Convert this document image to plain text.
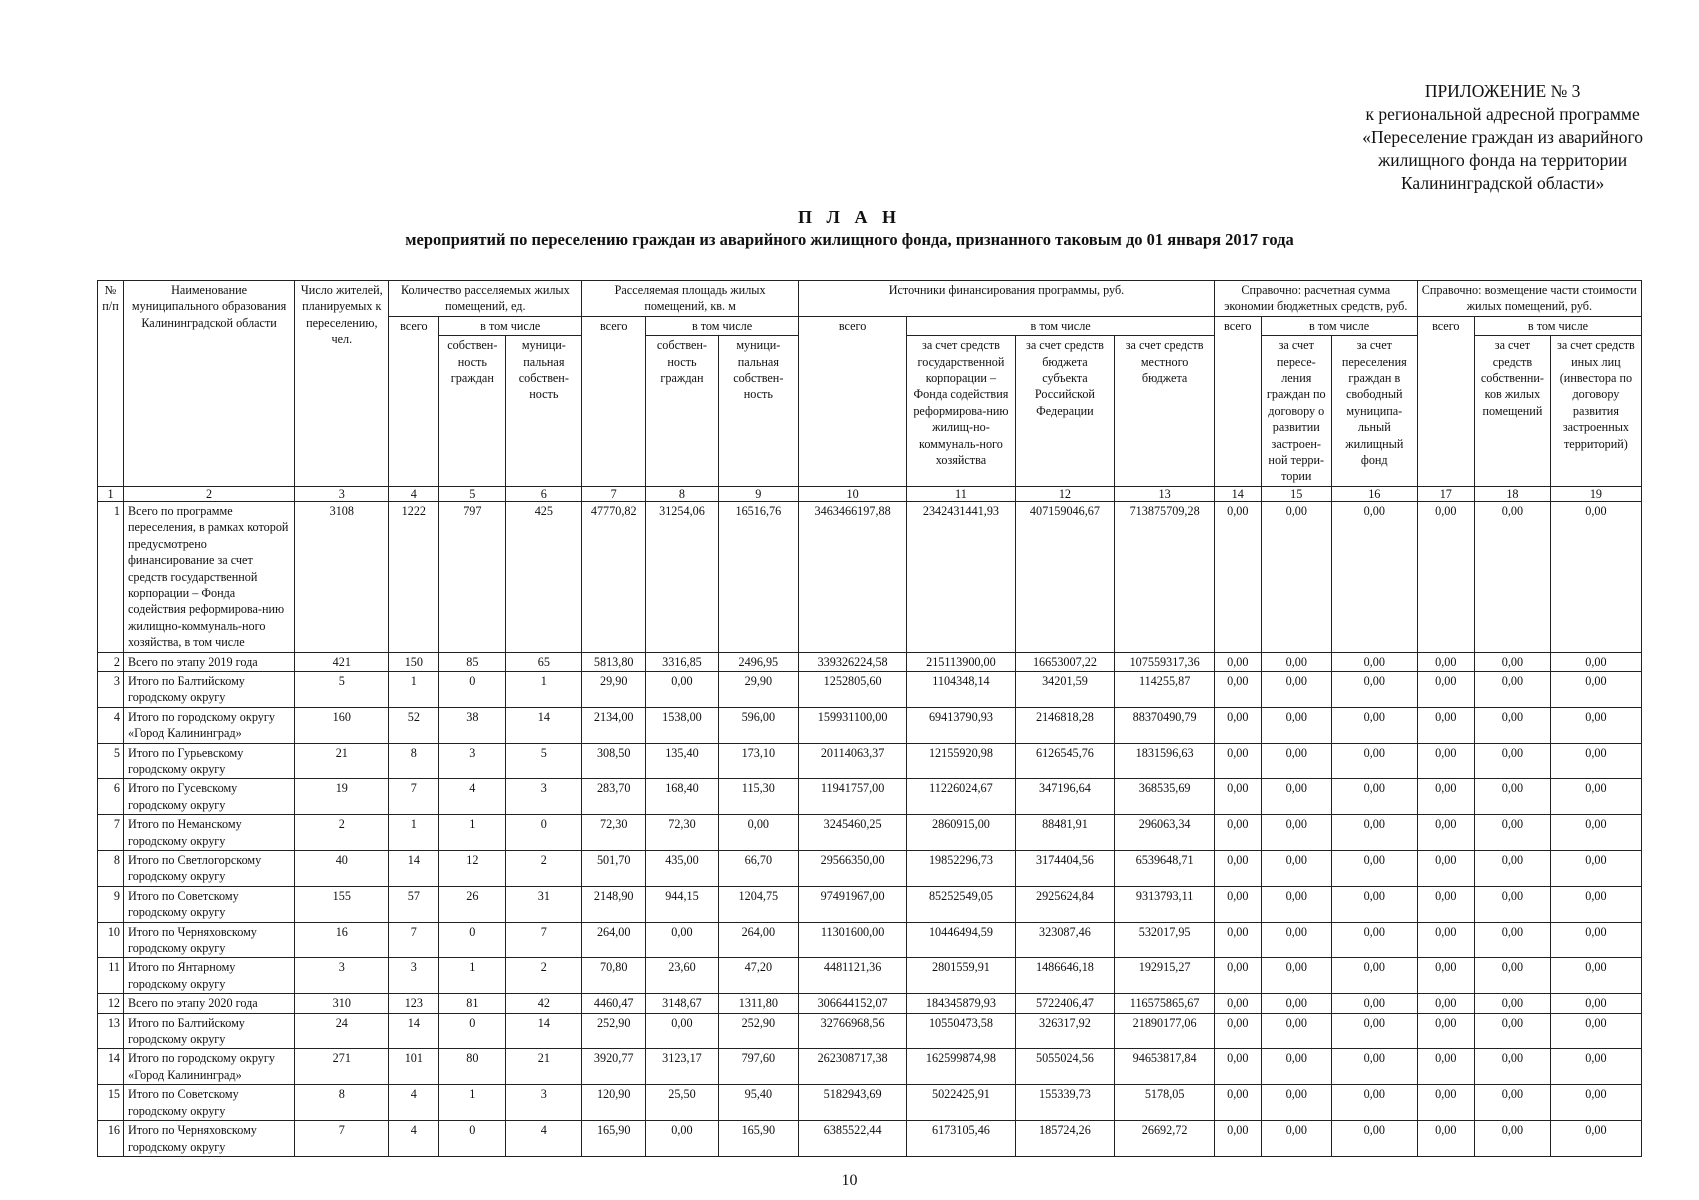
ПРИЛОЖЕНИЕ № 3
к региональной адресной программе
«Переселение граждан из аварийного
жилищного фонда на территории
Калининградской области»
П Л А Н
мероприятий по переселению граждан из аварийного жилищного фонда, признанного таковым до 01 января 2017 года
№ п/п	Наименование муниципального образования Калининградской области	Число жителей, планируемых к переселению, чел.	Количество расселяемых жилых помещений, ед.			Расселяемая площадь жилых помещений, кв. м			Источники финансирования программы, руб.				Справочно: расчетная сумма экономии бюджетных средств, руб.			Справочно: возмещение части стоимости жилых помещений, руб.		
			всего	в том числе		всего	в том числе		всего	в том числе			всего	в том числе		всего	в том числе	
				собствен-ность граждан	муници-пальная собствен-ность		собствен-ность граждан	муници-пальная собствен-ность		за счет средств государственной корпорации – Фонда содействия реформирова-нию жилищ-но-коммуналь-ного хозяйства	за счет средств бюджета субъекта Российской Федерации	за счет средств местного бюджета		за счет пересе-ления граждан по договору о развитии застроен-ной терри-тории	за счет переселения граждан в свободный муниципа-льный жилищный фонд		за счет средств собственни-ков жилых помещений	за счет средств иных лиц (инвестора по договору развития застроенных территорий)
1	2	3	4	5	6	7	8	9	10	11	12	13	14	15	16	17	18	19
1	Всего по программе переселения, в рамках которой предусмотрено финансирование за счет средств государственной корпорации – Фонда содействия реформирова-нию жилищно-коммуналь-ного хозяйства, в том числе	3108	1222	797	425	47770,82	31254,06	16516,76	3463466197,88	2342431441,93	407159046,67	713875709,28	0,00	0,00	0,00	0,00	0,00	0,00
2	Всего по этапу 2019 года	421	150	85	65	5813,80	3316,85	2496,95	339326224,58	215113900,00	16653007,22	107559317,36	0,00	0,00	0,00	0,00	0,00	0,00
3	Итого по Балтийскому городскому округу	5	1	0	1	29,90	0,00	29,90	1252805,60	1104348,14	34201,59	114255,87	0,00	0,00	0,00	0,00	0,00	0,00
4	Итого по городскому округу «Город Калининград»	160	52	38	14	2134,00	1538,00	596,00	159931100,00	69413790,93	2146818,28	88370490,79	0,00	0,00	0,00	0,00	0,00	0,00
5	Итого по Гурьевскому городскому округу	21	8	3	5	308,50	135,40	173,10	20114063,37	12155920,98	6126545,76	1831596,63	0,00	0,00	0,00	0,00	0,00	0,00
6	Итого по Гусевскому городскому округу	19	7	4	3	283,70	168,40	115,30	11941757,00	11226024,67	347196,64	368535,69	0,00	0,00	0,00	0,00	0,00	0,00
7	Итого по Неманскому городскому округу	2	1	1	0	72,30	72,30	0,00	3245460,25	2860915,00	88481,91	296063,34	0,00	0,00	0,00	0,00	0,00	0,00
8	Итого по Светлогорскому городскому округу	40	14	12	2	501,70	435,00	66,70	29566350,00	19852296,73	3174404,56	6539648,71	0,00	0,00	0,00	0,00	0,00	0,00
9	Итого по Советскому городскому округу	155	57	26	31	2148,90	944,15	1204,75	97491967,00	85252549,05	2925624,84	9313793,11	0,00	0,00	0,00	0,00	0,00	0,00
10	Итого по Черняховскому городскому округу	16	7	0	7	264,00	0,00	264,00	11301600,00	10446494,59	323087,46	532017,95	0,00	0,00	0,00	0,00	0,00	0,00
11	Итого по Янтарному городскому округу	3	3	1	2	70,80	23,60	47,20	4481121,36	2801559,91	1486646,18	192915,27	0,00	0,00	0,00	0,00	0,00	0,00
12	Всего по этапу 2020 года	310	123	81	42	4460,47	3148,67	1311,80	306644152,07	184345879,93	5722406,47	116575865,67	0,00	0,00	0,00	0,00	0,00	0,00
13	Итого по Балтийскому городскому округу	24	14	0	14	252,90	0,00	252,90	32766968,56	10550473,58	326317,92	21890177,06	0,00	0,00	0,00	0,00	0,00	0,00
14	Итого по городскому округу «Город Калининград»	271	101	80	21	3920,77	3123,17	797,60	262308717,38	162599874,98	5055024,56	94653817,84	0,00	0,00	0,00	0,00	0,00	0,00
15	Итого по Советскому городскому округу	8	4	1	3	120,90	25,50	95,40	5182943,69	5022425,91	155339,73	5178,05	0,00	0,00	0,00	0,00	0,00	0,00
16	Итого по Черняховскому городскому округу	7	4	0	4	165,90	0,00	165,90	6385522,44	6173105,46	185724,26	26692,72	0,00	0,00	0,00	0,00	0,00	0,00
10
